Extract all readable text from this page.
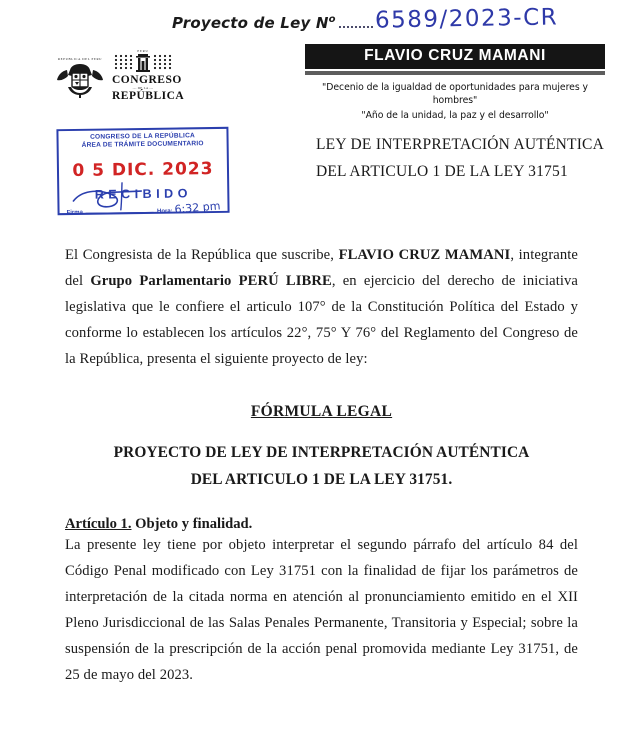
Proyecto de Ley $N^o$ 6589/2023-CR
REPUBLICA DEL PERU
PERU
CONGRESO
--- DE LA ---
REPÚBLICA
FLAVIO CRUZ MAMANI
"Decenio de la igualdad de oportunidades para mujeres y hombres"
"Año de la unidad, la paz y el desarrollo"
CONGRESO DE LA REPÚBLICA
ÁREA DE TRÁMITE DOCUMENTARIO
0 5 DIC. 2023
RECIBIDO
Firma	Hora: 6:32 pm
LEY DE INTERPRETACIÓN AUTÉNTICA DEL ARTICULO 1 DE LA LEY 31751

El Congresista de la República que suscribe, FLAVIO CRUZ MAMANI, integrante del Grupo Parlamentario PERÚ LIBRE, en ejercicio del derecho de iniciativa legislativa que le confiere el articulo 107° de la Constitución Política del Estado y conforme lo establecen los artículos 22°, 75° Y 76° del Reglamento del Congreso de la República, presenta el siguiente proyecto de ley:

FÓRMULA LEGAL
PROYECTO DE LEY DE INTERPRETACIÓN AUTÉNTICA
DEL ARTICULO 1 DE LA LEY 31751.
Artículo 1. Objeto y finalidad.

La presente ley tiene por objeto interpretar el segundo párrafo del artículo 84 del Código Penal modificado con Ley 31751 con la finalidad de fijar los parámetros de interpretación de la citada norma en atención al pronunciamiento emitido en el XII Pleno Jurisdiccional de las Salas Penales Permanente, Transitoria y Especial; sobre la suspensión de la prescripción de la acción penal promovida mediante Ley 31751, de 25 de mayo del 2023.
